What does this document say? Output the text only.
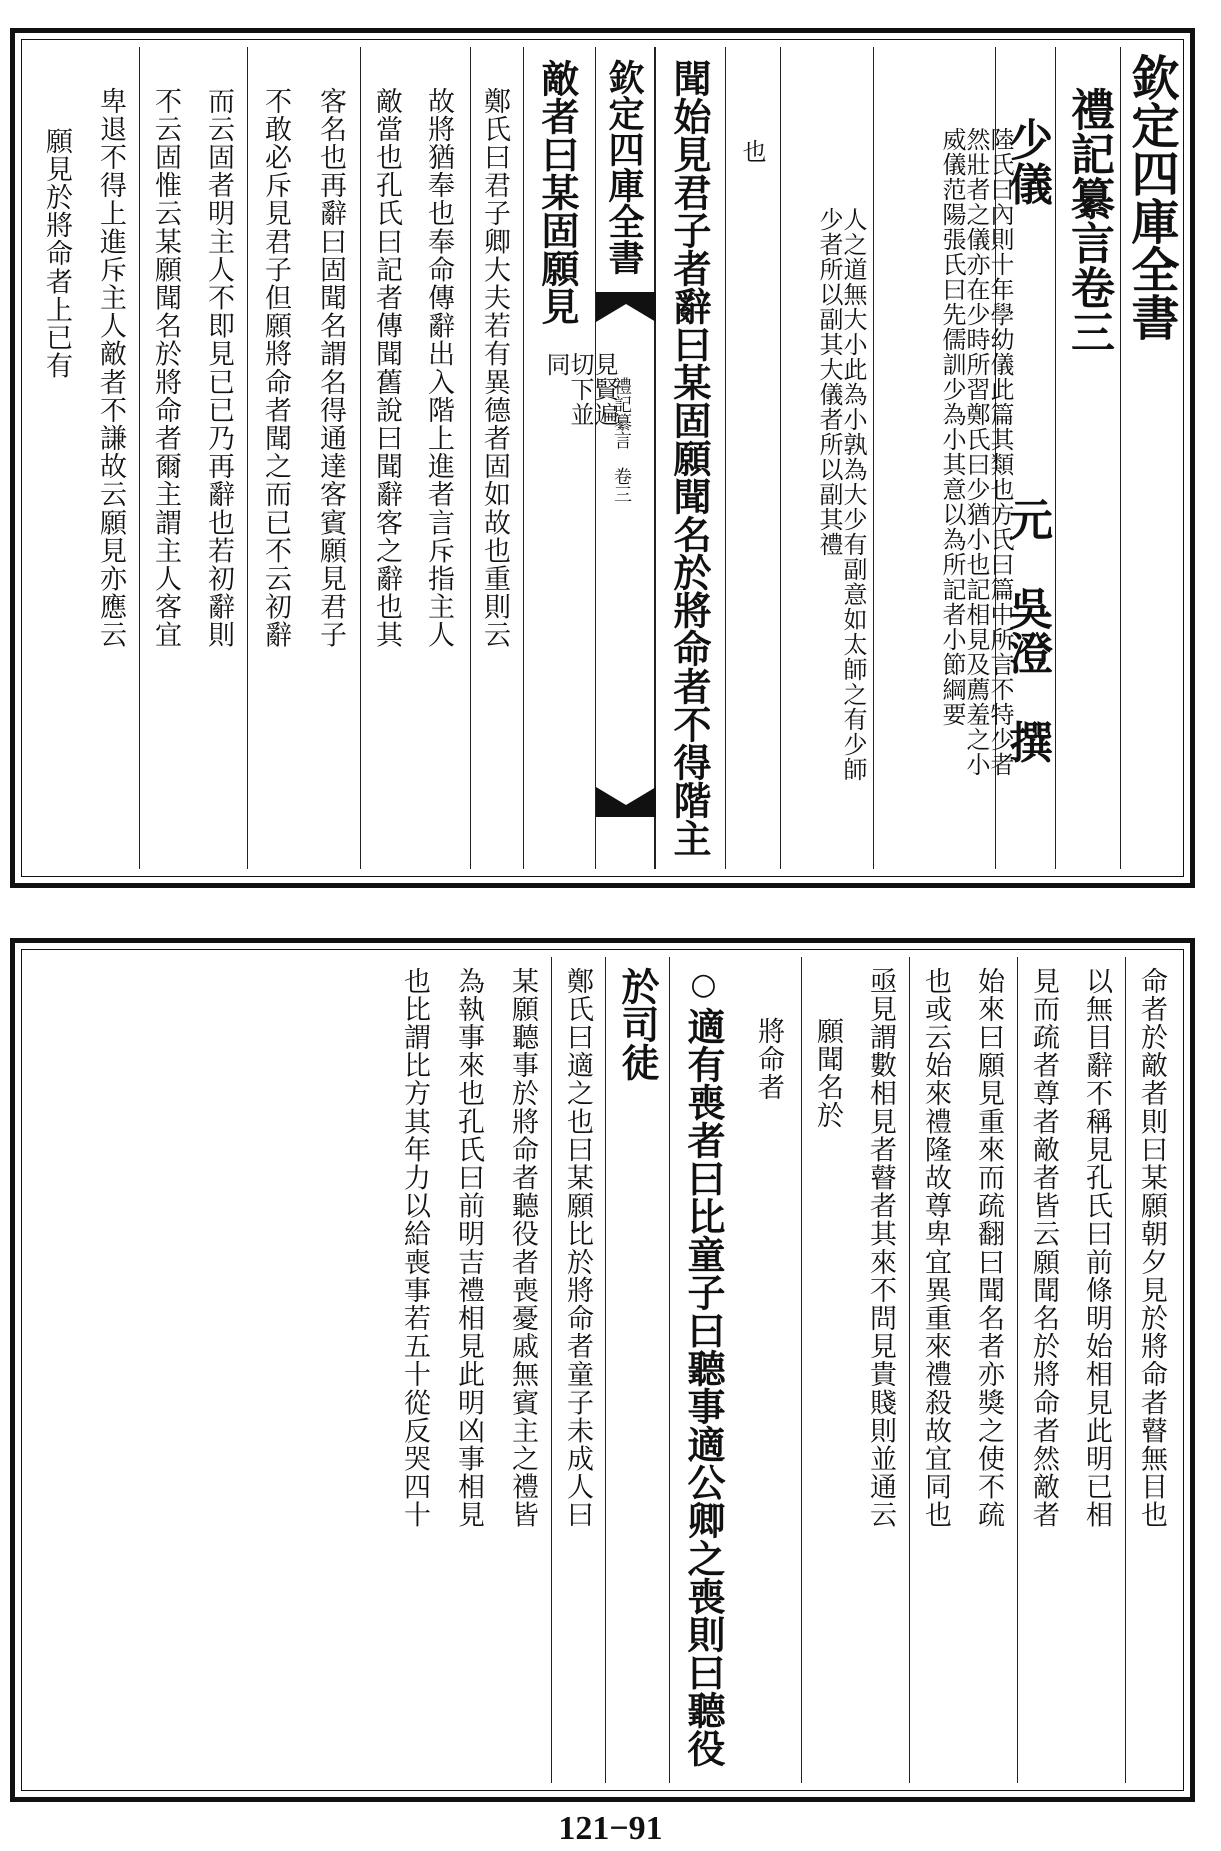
欽定四庫全書
禮記纂言卷三
少儀
元　吳澄　撰
陸氏曰內則十年學幼儀此篇其類也方氏曰篇中所言不特少者然壯者之儀亦在少時所習鄭氏曰少猶小也記相見及薦羞之小威儀范陽張氏曰先儒訓少為小其意以為所記者小節綱要
人之道無大小此為小孰為大少有副意如太師之有少師少者所以副其大儀者所以副其禮
也
聞始見君子者辭曰某固願聞名於將命者不得階主
欽定四庫全書
禮記纂言　卷三
敵者曰某固願見
見賢遍切下並同
鄭氏曰君子卿大夫若有異德者固如故也重則云
故將猶奉也奉命傳辭出入階上進者言斥指主人
敵當也孔氏曰記者傳聞舊說曰聞辭客之辭也其
客名也再辭曰固聞名謂名得通達客賓願見君子
不敢必斥見君子但願將命者聞之而已不云初辭
而云固者明主人不即見已已乃再辭也若初辭則
不云固惟云某願聞名於將命者爾主謂主人客宜
卑退不得上進斥主人敵者不謙故云願見亦應云
願見於將命者上已有
命者於敵者則曰某願朝夕見於將命者瞽無目也
以無目辭不稱見孔氏曰前條明始相見此明已相
見而疏者尊者敵者皆云願聞名於將命者然敵者
始來曰願見重來而疏翻曰聞名者亦獎之使不疏
也或云始來禮隆故尊卑宜異重來禮殺故宜同也
亟見謂數相見者瞽者其來不問見貴賤則並通云
願聞名於
將命者
○
適有喪者曰比童子曰聽事適公卿之喪則曰聽役
於司徒
鄭氏曰適之也曰某願比於將命者童子未成人曰
某願聽事於將命者聽役者喪憂戚無賓主之禮皆
為執事來也孔氏曰前明吉禮相見此明凶事相見
也比謂比方其年力以給喪事若五十從反哭四十
121−91
